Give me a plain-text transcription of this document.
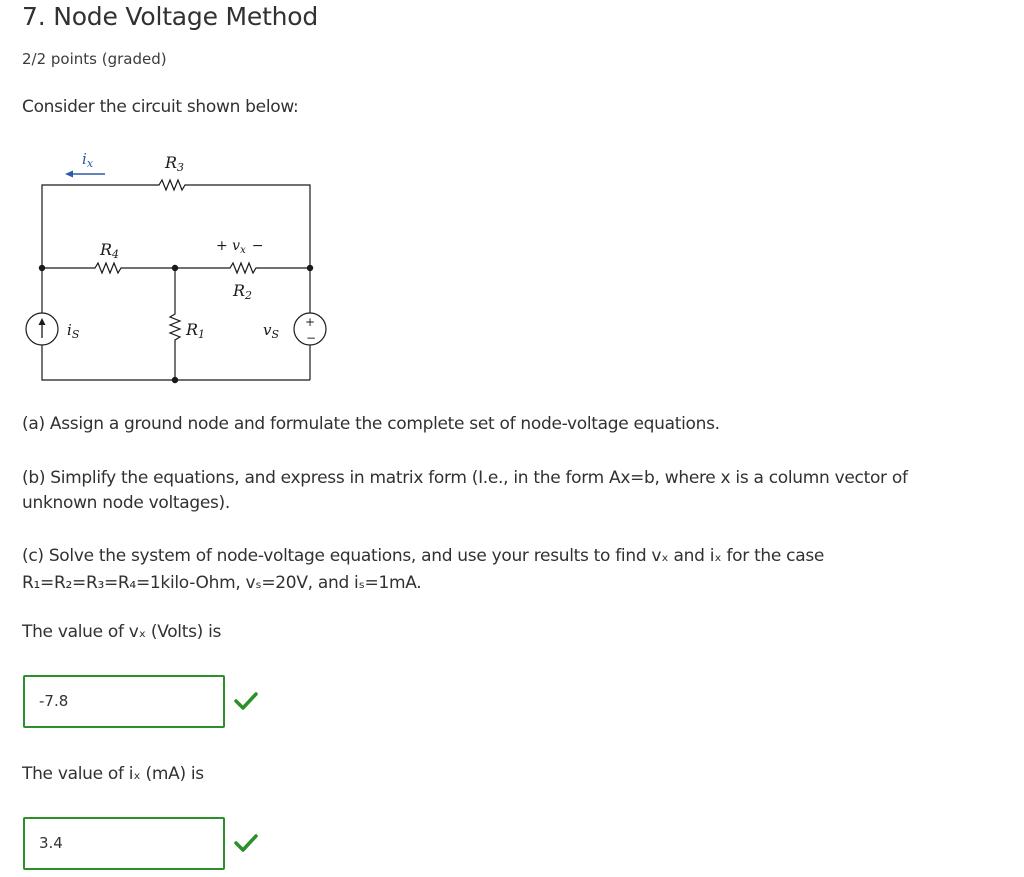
7. Node Voltage Method

2/2 points (graded)

Consider the circuit shown below:

$i_x$	R3
R4
+ $v_x$ −
R2
$i_S$	R1	$v_S$
+
−

(a) Assign a ground node and formulate the complete set of node-voltage equations.

(b) Simplify the equations, and express in matrix form (I.e., in the form Ax=b, where x is a column vector of
unknown node voltages).
(c) Solve the system of node-voltage equations, and use your results to find vₓ and iₓ for the case
R₁=R₂=R₃=R₄=1kilo-Ohm, vₛ=20V, and iₛ=1mA.

The value of vₓ (Volts) is

-7.8

The value of iₓ (mA) is

3.4
